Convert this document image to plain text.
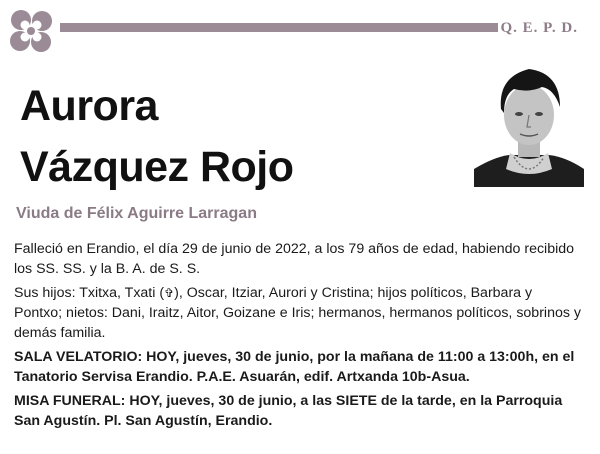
Q. E. P. D.
Aurora
Vázquez Rojo
Viuda de Félix Aguirre Larragan

Falleció en Erandio, el día 29 de junio de 2022, a los 79 años de edad, habiendo recibido los SS. SS. y la B. A. de S. S.

Sus hijos: Txitxa, Txati (✞), Oscar, Itziar, Aurori y Cristina; hijos políticos, Barbara y Pontxo; nietos: Dani, Iraitz, Aitor, Goizane e Iris; hermanos, hermanos políticos, sobrinos y demás familia.

SALA VELATORIO: HOY, jueves, 30 de junio, por la mañana de 11:00 a 13:00h, en el Tanatorio Servisa Erandio. P.A.E. Asuarán, edif. Artxanda 10b-Asua.

MISA FUNERAL: HOY, jueves, 30 de junio, a las SIETE de la tarde, en la Parroquia San Agustín. Pl. San Agustín, Erandio.
